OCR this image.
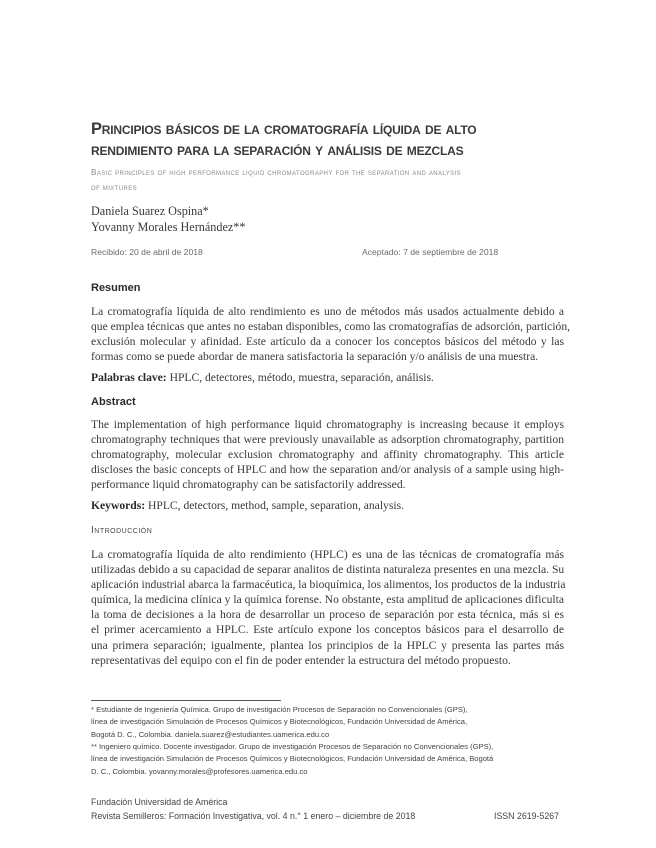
Principios básicos de la cromatografía líquida de alto
rendimiento para la separación y análisis de mezclas
Basic principles of high performance liquid chromatography for the separation and analysis
of mixtures
Daniela Suarez Ospina*
Yovanny Morales Hernández**
Recibido: 20 de abril de 2018	Aceptado: 7 de septiembre de 2018
Resumen
La cromatografía líquida de alto rendimiento es uno de métodos más usados actualmente debido a
que emplea técnicas que antes no estaban disponibles, como las cromatografías de adsorción, partición,
exclusión molecular y afinidad. Este artículo da a conocer los conceptos básicos del método y las
formas como se puede abordar de manera satisfactoria la separación y/o análisis de una muestra.
Palabras clave: HPLC, detectores, método, muestra, separación, análisis.
Abstract
The implementation of high performance liquid chromatography is increasing because it employs
chromatography techniques that were previously unavailable as adsorption chromatography, partition
chromatography, molecular exclusion chromatography and affinity chromatography. This article
discloses the basic concepts of HPLC and how the separation and/or analysis of a sample using high-
performance liquid chromatography can be satisfactorily addressed.
Keywords: HPLC, detectors, method, sample, separation, analysis.
Introducción
La cromatografía líquida de alto rendimiento (HPLC) es una de las técnicas de cromatografía más
utilizadas debido a su capacidad de separar analitos de distinta naturaleza presentes en una mezcla. Su
aplicación industrial abarca la farmacéutica, la bioquímica, los alimentos, los productos de la industria
química, la medicina clínica y la química forense. No obstante, esta amplitud de aplicaciones dificulta
la toma de decisiones a la hora de desarrollar un proceso de separación por esta técnica, más si es
el primer acercamiento a HPLC. Este artículo expone los conceptos básicos para el desarrollo de
una primera separación; igualmente, plantea los principios de la HPLC y presenta las partes más
representativas del equipo con el fin de poder entender la estructura del método propuesto.
* Estudiante de Ingeniería Química. Grupo de investigación Procesos de Separación no Convencionales (GPS),
línea de investigación Simulación de Procesos Químicos y Biotecnológicos, Fundación Universidad de América,
Bogotá D. C., Colombia. daniela.suarez@estudiantes.uamerica.edu.co
** Ingeniero químico. Docente investigador. Grupo de investigación Procesos de Separación no Convencionales (GPS),
línea de investigación Simulación de Procesos Químicos y Biotecnológicos, Fundación Universidad de América, Bogotá
D. C., Colombia. yovanny.morales@profesores.uamerica.edu.co
Fundación Universidad de América
Revista Semilleros: Formación Investigativa, vol. 4 n.° 1 enero – diciembre de 2018	ISSN 2619-5267
